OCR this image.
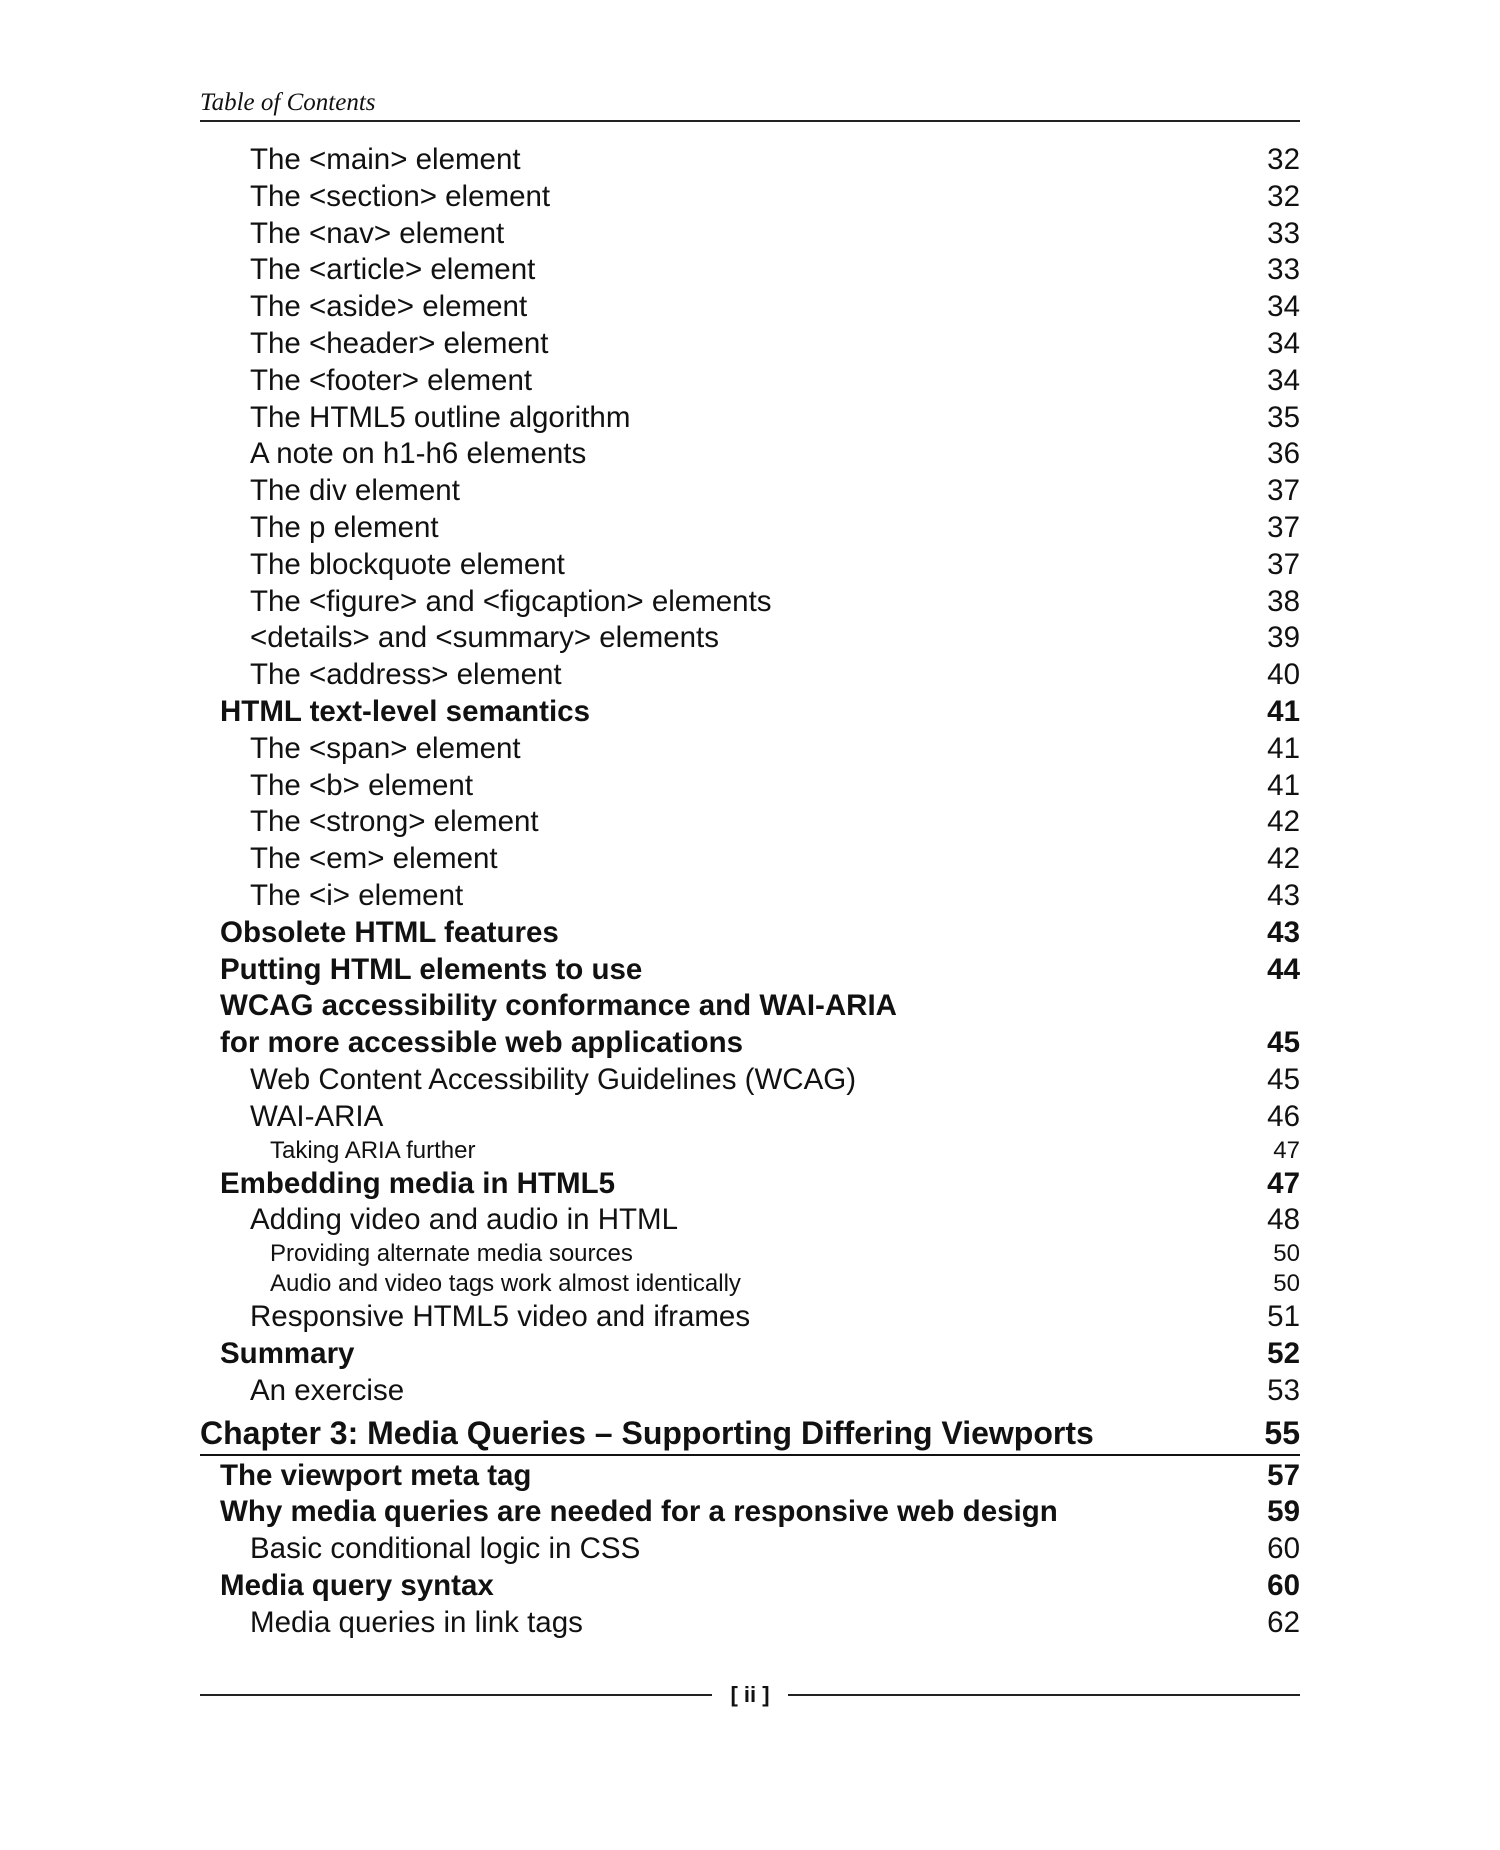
Table of Contents
The <main> element	32
The <section> element	32
The <nav> element	33
The <article> element	33
The <aside> element	34
The <header> element	34
The <footer> element	34
The HTML5 outline algorithm	35
A note on h1-h6 elements	36
The div element	37
The p element	37
The blockquote element	37
The <figure> and <figcaption> elements	38
<details> and <summary> elements	39
The <address> element	40
HTML text-level semantics	41
The <span> element	41
The <b> element	41
The <strong> element	42
The <em> element	42
The <i> element	43
Obsolete HTML features	43
Putting HTML elements to use	44
WCAG accessibility conformance and WAI-ARIA
for more accessible web applications	45
Web Content Accessibility Guidelines (WCAG)	45
WAI-ARIA	46
Taking ARIA further	47
Embedding media in HTML5	47
Adding video and audio in HTML	48
Providing alternate media sources	50
Audio and video tags work almost identically	50
Responsive HTML5 video and iframes	51
Summary	52
An exercise	53
Chapter 3: Media Queries – Supporting Differing Viewports	55
The viewport meta tag	57
Why media queries are needed for a responsive web design	59
Basic conditional logic in CSS	60
Media query syntax	60
Media queries in link tags	62
[ ii ]
